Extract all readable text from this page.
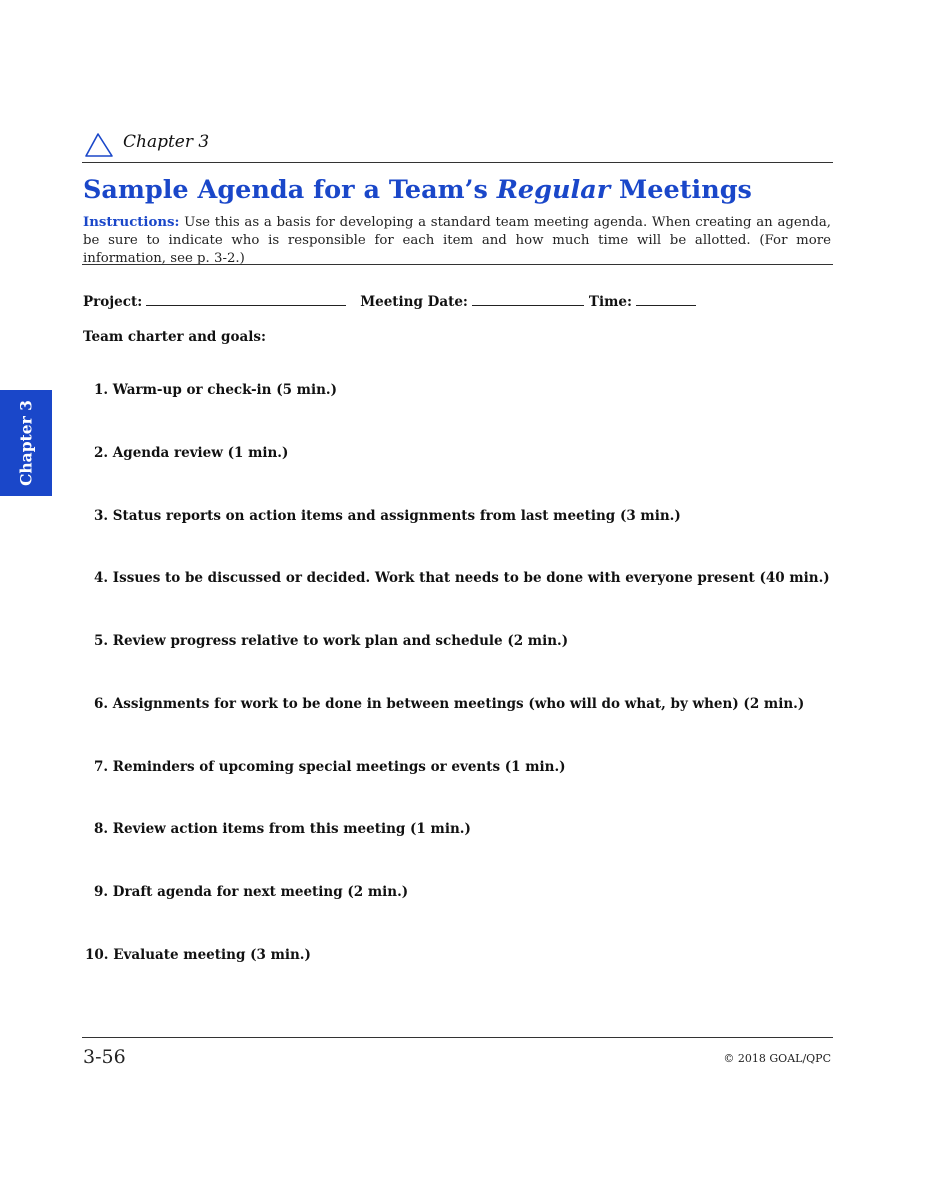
Chapter 3
Sample Agenda for a Team’s Regular Meetings
Instructions: Use this as a basis for developing a standard team meeting agenda. When creating an agenda, be sure to indicate who is responsible for each item and how much time will be allotted. (For more information, see p. 3-2.)
Project:	Meeting Date:	Time:
Team charter and goals:
1. Warm-up or check-in (5 min.)
2. Agenda review (1 min.)
3. Status reports on action items and assignments from last meeting (3 min.)
4. Issues to be discussed or decided. Work that needs to be done with everyone present (40 min.)
5. Review progress relative to work plan and schedule (2 min.)
6. Assignments for work to be done in between meetings (who will do what, by when) (2 min.)
7. Reminders of upcoming special meetings or events (1 min.)
8. Review action items from this meeting (1 min.)
9. Draft agenda for next meeting (2 min.)
10. Evaluate meeting (3 min.)
Chapter 3
3-56	© 2018 GOAL/QPC
